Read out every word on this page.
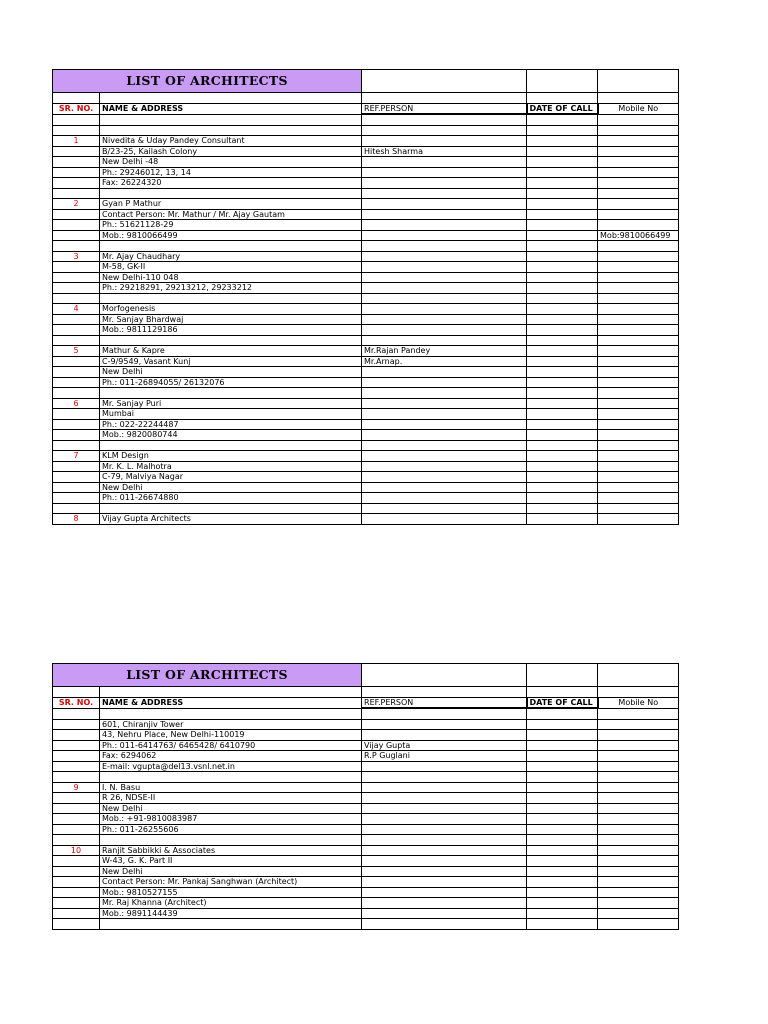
LIST OF ARCHITECTS				

SR. NO.	NAME & ADDRESS	REF.PERSON	DATE OF CALL	Mobile No

1	Nivedita & Uday Pandey Consultant			
	B/23-25, Kailash Colony	Hitesh Sharma		
	New Delhi -48			
	Ph.: 29246012, 13, 14			
	Fax: 26224320			

2	Gyan P Mathur			
	Contact Person: Mr. Mathur / Mr. Ajay Gautam			
	Ph.: 51621128-29			
	Mob.: 9810066499			Mob:9810066499

3	Mr. Ajay Chaudhary			
	M-58, GK-II			
	New Delhi-110 048			
	Ph.: 29218291, 29213212, 29233212			

4	Morfogenesis			
	Mr. Sanjay Bhardwaj			
	Mob.: 9811129186			

5	Mathur & Kapre	Mr.Rajan Pandey		
	C-9/9549, Vasant Kunj	Mr.Arnap.		
	New Delhi			
	Ph.: 011-26894055/ 26132076			

6	Mr. Sanjay Puri			
	Mumbai			
	Ph.: 022-22244487			
	Mob.: 9820080744			

7	KLM Design			
	Mr. K. L. Malhotra			
	C-79, Malviya Nagar			
	New Delhi			
	Ph.: 011-26674880			

8	Vijay Gupta Architects			
LIST OF ARCHITECTS				

SR. NO.	NAME & ADDRESS	REF.PERSON	DATE OF CALL	Mobile No

	601, Chiranjiv Tower			
	43, Nehru Place, New Delhi-110019			
	Ph.: 011-6414763/ 6465428/ 6410790	Vijay Gupta		
	Fax: 6294062	R.P Guglani		
	E-mail: vgupta@del13.vsnl.net.in			

9	I. N. Basu			
	R 26, NDSE-II			
	New Delhi			
	Mob.: +91-9810083987			
	Ph.: 011-26255606			

10	Ranjit Sabbikki & Associates			
	W-43, G. K. Part II			
	New Delhi			
	Contact Person: Mr. Pankaj Sanghwan (Architect)			
	Mob.: 9810527155			
	Mr. Raj Khanna (Architect)			
	Mob.: 9891144439			
